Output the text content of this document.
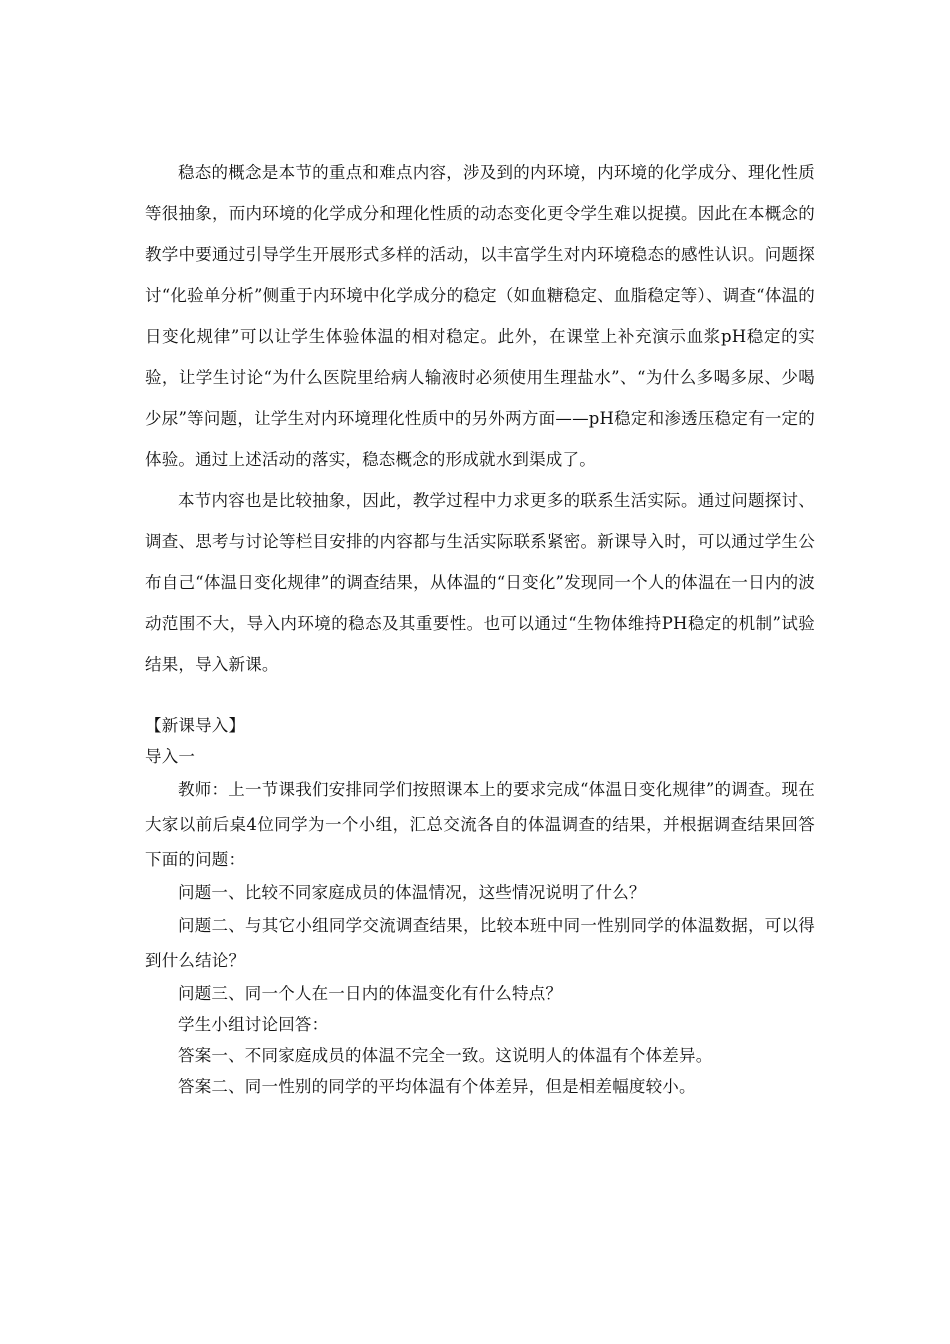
稳态的概念是本节的重点和难点内容，涉及到的内环境，内环境的化学成分、理化性质等很抽象，而内环境的化学成分和理化性质的动态变化更令学生难以捉摸。因此在本概念的教学中要通过引导学生开展形式多样的活动，以丰富学生对内环境稳态的感性认识。问题探讨“化验单分析”侧重于内环境中化学成分的稳定（如血糖稳定、血脂稳定等）、调查“体温的日变化规律”可以让学生体验体温的相对稳定。此外，在课堂上补充演示血浆pH稳定的实验，让学生讨论“为什么医院里给病人输液时必须使用生理盐水”、“为什么多喝多尿、少喝少尿”等问题，让学生对内环境理化性质中的另外两方面——pH稳定和渗透压稳定有一定的体验。通过上述活动的落实，稳态概念的形成就水到渠成了。

本节内容也是比较抽象，因此，教学过程中力求更多的联系生活实际。通过问题探讨、调查、思考与讨论等栏目安排的内容都与生活实际联系紧密。新课导入时，可以通过学生公布自己“体温日变化规律”的调查结果，从体温的“日变化”发现同一个人的体温在一日内的波动范围不大，导入内环境的稳态及其重要性。也可以通过“生物体维持PH稳定的机制”试验结果，导入新课。

【新课导入】

导入一

教师：上一节课我们安排同学们按照课本上的要求完成“体温日变化规律”的调查。现在大家以前后桌4位同学为一个小组，汇总交流各自的体温调查的结果，并根据调查结果回答下面的问题：

问题一、比较不同家庭成员的体温情况，这些情况说明了什么？

问题二、与其它小组同学交流调查结果，比较本班中同一性别同学的体温数据，可以得到什么结论？

问题三、同一个人在一日内的体温变化有什么特点？

学生小组讨论回答：

答案一、不同家庭成员的体温不完全一致。这说明人的体温有个体差异。

答案二、同一性别的同学的平均体温有个体差异，但是相差幅度较小。
